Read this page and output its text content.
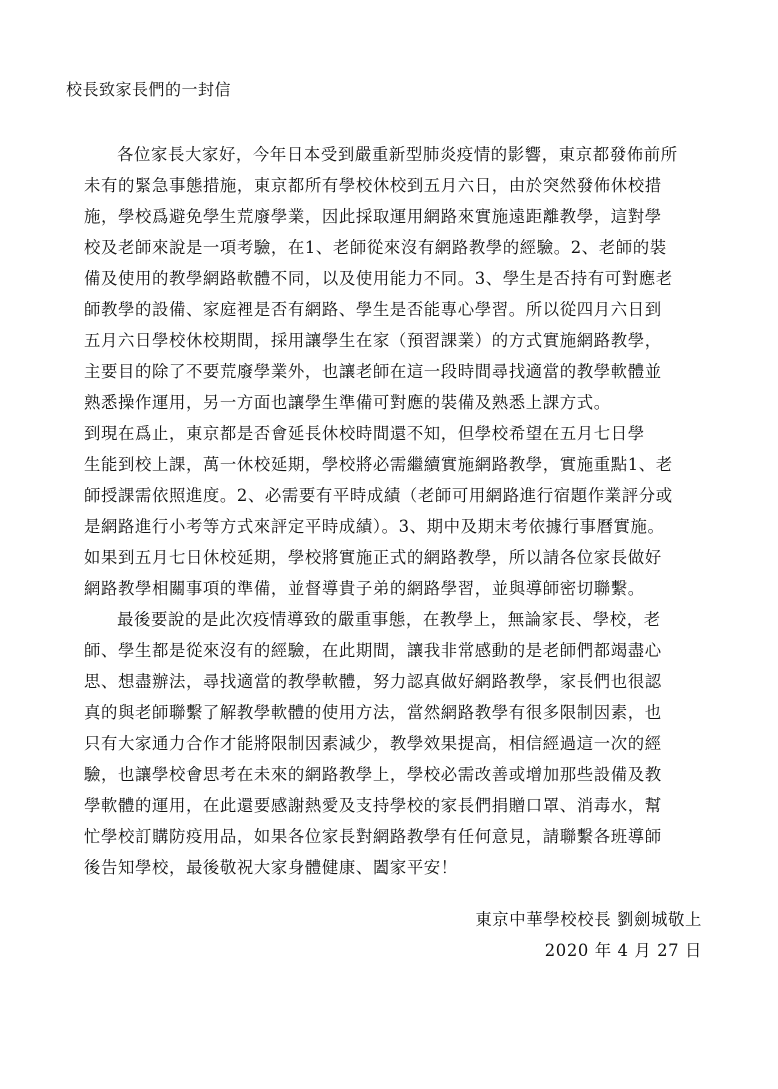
校長致家長們的一封信
各位家長大家好，今年日本受到嚴重新型肺炎疫情的影響，東京都發佈前所
未有的緊急事態措施，東京都所有學校休校到五月六日，由於突然發佈休校措
施，學校爲避免學生荒廢學業，因此採取運用網路來實施遠距離教學，這對學
校及老師來說是一項考驗，在1、老師從來沒有網路教學的經驗。2、老師的裝
備及使用的教學網路軟體不同，以及使用能力不同。3、學生是否持有可對應老
師教學的設備、家庭裡是否有網路、學生是否能專心學習。所以從四月六日到
五月六日學校休校期間，採用讓學生在家（預習課業）的方式實施網路教學，
主要目的除了不要荒廢學業外，也讓老師在這一段時間尋找適當的教學軟體並
熟悉操作運用，另一方面也讓學生準備可對應的裝備及熟悉上課方式。
到現在爲止，東京都是否會延長休校時間還不知，但學校希望在五月七日學
生能到校上課，萬一休校延期，學校將必需繼續實施網路教學，實施重點1、老
師授課需依照進度。2、必需要有平時成績（老師可用網路進行宿題作業評分或
是網路進行小考等方式來評定平時成績）。3、期中及期末考依據行事曆實施。
如果到五月七日休校延期，學校將實施正式的網路教學，所以請各位家長做好
網路教學相關事項的準備，並督導貴子弟的網路學習，並與導師密切聯繫。
最後要說的是此次疫情導致的嚴重事態，在教學上，無論家長、學校，老
師、學生都是從來沒有的經驗，在此期間，讓我非常感動的是老師們都竭盡心
思、想盡辦法，尋找適當的教學軟體，努力認真做好網路教學，家長們也很認
真的與老師聯繫了解教學軟體的使用方法，當然網路教學有很多限制因素，也
只有大家通力合作才能將限制因素減少，教學效果提高，相信經過這一次的經
驗，也讓學校會思考在未來的網路教學上，學校必需改善或增加那些設備及教
學軟體的運用，在此還要感謝熱愛及支持學校的家長們捐贈口罩、消毒水，幫
忙學校訂購防疫用品，如果各位家長對網路教學有任何意見，請聯繫各班導師
後告知學校，最後敬祝大家身體健康、闔家平安！
東京中華學校校長 劉劍城敬上
2020 年 4 月 27 日
